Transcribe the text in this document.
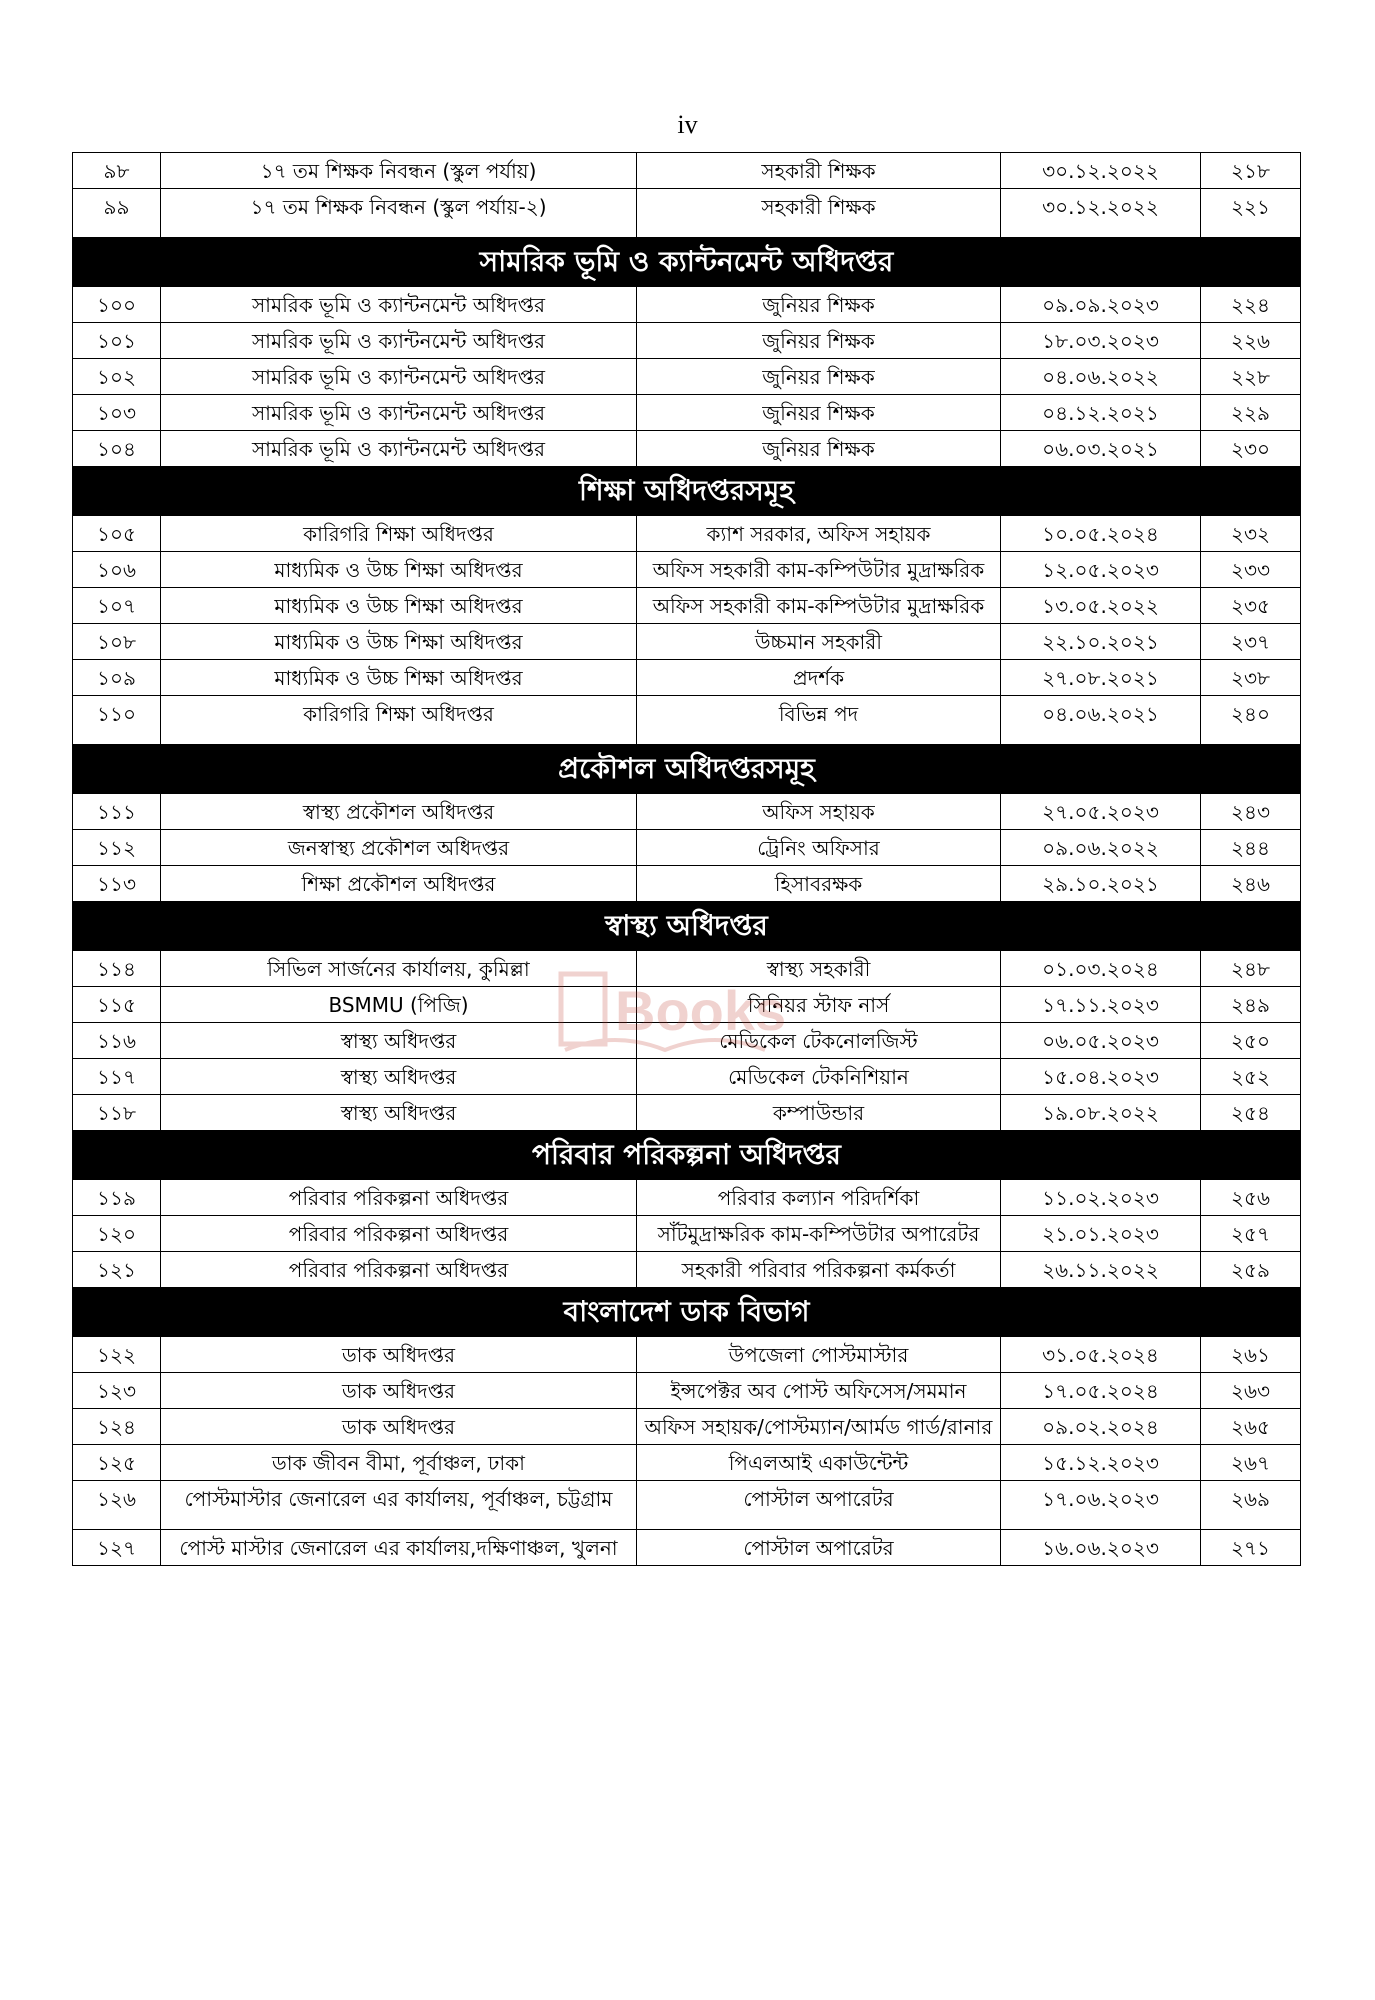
iv
৯৮	১৭ তম শিক্ষক নিবন্ধন (স্কুল পর্যায়)	সহকারী শিক্ষক	৩০.১২.২০২২	২১৮
৯৯	১৭ তম শিক্ষক নিবন্ধন (স্কুল পর্যায়-২)	সহকারী শিক্ষক	৩০.১২.২০২২	২২১
সামরিক ভূমি ও ক্যান্টনমেন্ট অধিদপ্তর				
১০০	সামরিক ভূমি ও ক্যান্টনমেন্ট অধিদপ্তর	জুনিয়র শিক্ষক	০৯.০৯.২০২৩	২২৪
১০১	সামরিক ভূমি ও ক্যান্টনমেন্ট অধিদপ্তর	জুনিয়র শিক্ষক	১৮.০৩.২০২৩	২২৬
১০২	সামরিক ভূমি ও ক্যান্টনমেন্ট অধিদপ্তর	জুনিয়র শিক্ষক	০৪.০৬.২০২২	২২৮
১০৩	সামরিক ভূমি ও ক্যান্টনমেন্ট অধিদপ্তর	জুনিয়র শিক্ষক	০৪.১২.২০২১	২২৯
১০৪	সামরিক ভূমি ও ক্যান্টনমেন্ট অধিদপ্তর	জুনিয়র শিক্ষক	০৬.০৩.২০২১	২৩০
শিক্ষা অধিদপ্তরসমূহ				
১০৫	কারিগরি শিক্ষা অধিদপ্তর	ক্যাশ সরকার, অফিস সহায়ক	১০.০৫.২০২৪	২৩২
১০৬	মাধ্যমিক ও উচ্চ শিক্ষা অধিদপ্তর	অফিস সহকারী কাম-কম্পিউটার মুদ্রাক্ষরিক	১২.০৫.২০২৩	২৩৩
১০৭	মাধ্যমিক ও উচ্চ শিক্ষা অধিদপ্তর	অফিস সহকারী কাম-কম্পিউটার মুদ্রাক্ষরিক	১৩.০৫.২০২২	২৩৫
১০৮	মাধ্যমিক ও উচ্চ শিক্ষা অধিদপ্তর	উচ্চমান সহকারী	২২.১০.২০২১	২৩৭
১০৯	মাধ্যমিক ও উচ্চ শিক্ষা অধিদপ্তর	প্রদর্শক	২৭.০৮.২০২১	২৩৮
১১০	কারিগরি শিক্ষা অধিদপ্তর	বিভিন্ন পদ	০৪.০৬.২০২১	২৪০
প্রকৌশল অধিদপ্তরসমূহ				
১১১	স্বাস্থ্য প্রকৌশল অধিদপ্তর	অফিস সহায়ক	২৭.০৫.২০২৩	২৪৩
১১২	জনস্বাস্থ্য প্রকৌশল অধিদপ্তর	ট্রেনিং অফিসার	০৯.০৬.২০২২	২৪৪
১১৩	শিক্ষা প্রকৌশল অধিদপ্তর	হিসাবরক্ষক	২৯.১০.২০২১	২৪৬
স্বাস্থ্য অধিদপ্তর				
১১৪	সিভিল সার্জনের কার্যালয়, কুমিল্লা	স্বাস্থ্য সহকারী	০১.০৩.২০২৪	২৪৮
১১৫	BSMMU (পিজি)	সিনিয়র স্টাফ নার্স	১৭.১১.২০২৩	২৪৯
১১৬	স্বাস্থ্য অধিদপ্তর	মেডিকেল টেকনোলজিস্ট	০৬.০৫.২০২৩	২৫০
১১৭	স্বাস্থ্য অধিদপ্তর	মেডিকেল টেকনিশিয়ান	১৫.০৪.২০২৩	২৫২
১১৮	স্বাস্থ্য অধিদপ্তর	কম্পাউন্ডার	১৯.০৮.২০২২	২৫৪
পরিবার পরিকল্পনা অধিদপ্তর				
১১৯	পরিবার পরিকল্পনা অধিদপ্তর	পরিবার কল্যান পরিদর্শিকা	১১.০২.২০২৩	২৫৬
১২০	পরিবার পরিকল্পনা অধিদপ্তর	সাঁটমুদ্রাক্ষরিক কাম-কম্পিউটার অপারেটর	২১.০১.২০২৩	২৫৭
১২১	পরিবার পরিকল্পনা অধিদপ্তর	সহকারী পরিবার পরিকল্পনা কর্মকর্তা	২৬.১১.২০২২	২৫৯
বাংলাদেশ ডাক বিভাগ				
১২২	ডাক অধিদপ্তর	উপজেলা পোস্টমাস্টার	৩১.০৫.২০২৪	২৬১
১২৩	ডাক অধিদপ্তর	ইন্সপেক্টর অব পোস্ট অফিসেস/সমমান	১৭.০৫.২০২৪	২৬৩
১২৪	ডাক অধিদপ্তর	অফিস সহায়ক/পোস্টম্যান/আর্মড গার্ড/রানার	০৯.০২.২০২৪	২৬৫
১২৫	ডাক জীবন বীমা, পূর্বাঞ্চল, ঢাকা	পিএলআই একাউন্টেন্ট	১৫.১২.২০২৩	২৬৭
১২৬	পোস্টমাস্টার জেনারেল এর কার্যালয়, পূর্বাঞ্চল, চট্টগ্রাম	পোস্টাল অপারেটর	১৭.০৬.২০২৩	২৬৯
১২৭	পোস্ট মাস্টার জেনারেল এর কার্যালয়,দক্ষিণাঞ্চল, খুলনা	পোস্টাল অপারেটর	১৬.০৬.২০২৩	২৭১
Books
